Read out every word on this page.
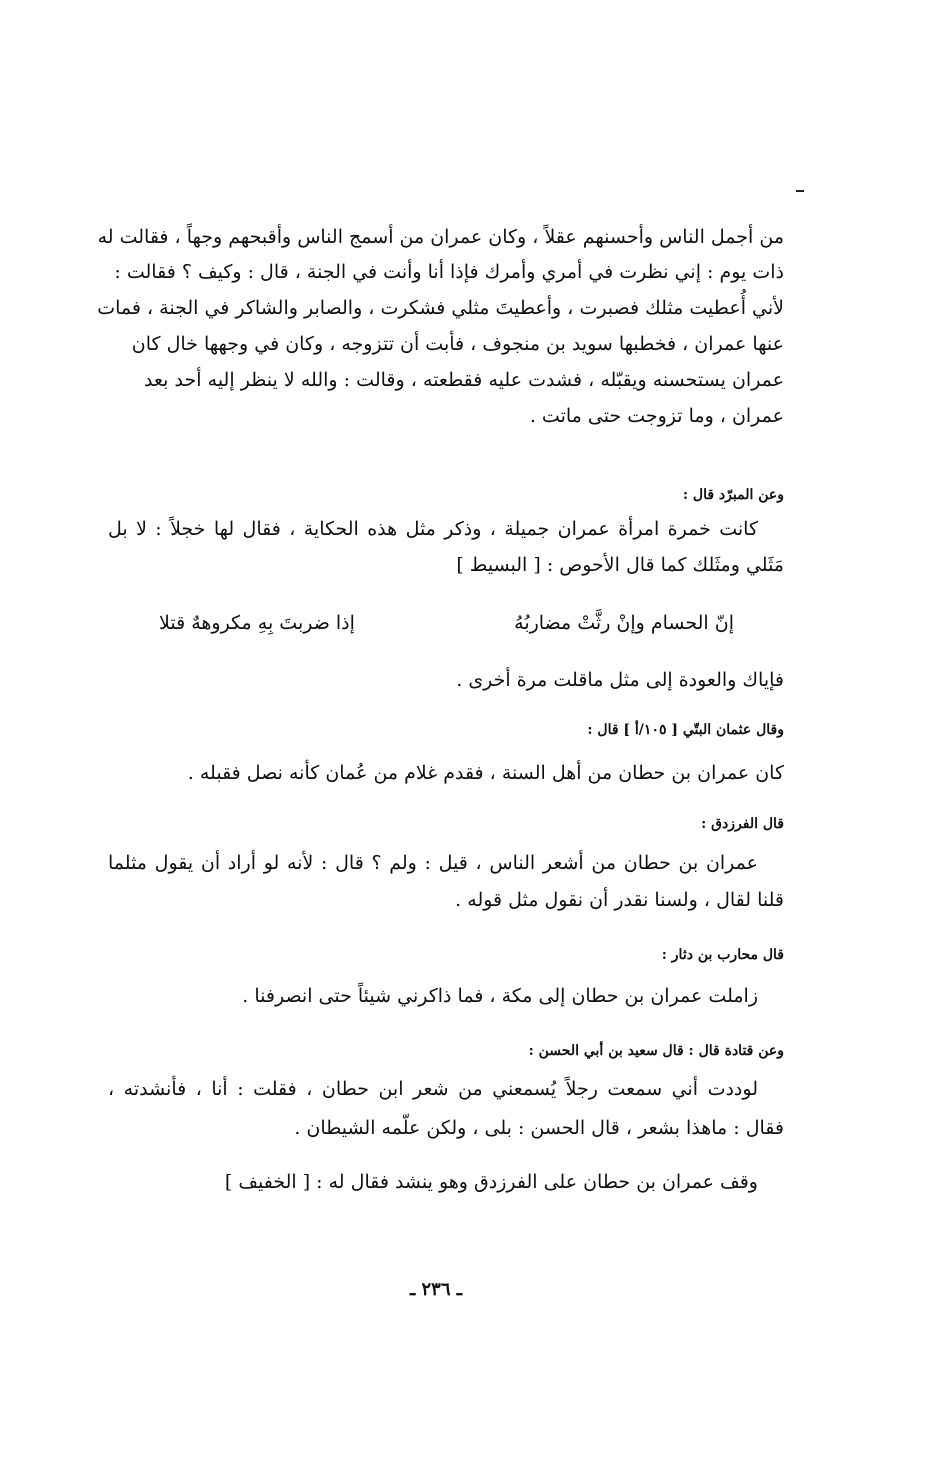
من أجمل الناس وأحسنهم عقلاً ، وكان عمران من أسمج الناس وأقبحهم وجهاً ، فقالت له
ذات يوم : إني نظرت في أمري وأمرك فإذا أنا وأنت في الجنة ، قال : وكيف ؟ فقالت :
لأني أُعطيت مثلك فصبرت ، وأعطيتَ مثلي فشكرت ، والصابر والشاكر في الجنة ، فمات
عنها عمران ، فخطبها سويد بن منجوف ، فأبت أن تتزوجه ، وكان في وجهها خال كان
عمران يستحسنه ويقبّله ، فشدت عليه فقطعته ، وقالت : والله لا ينظر إليه أحد بعد
عمران ، وما تزوجت حتى ماتت .
وعن المبرّد قال :
كانت خمرة امرأة عمران جميلة ، وذكر مثل هذه الحكاية ، فقال لها خجلاً : لا بل
مَثَلي ومثَلك كما قال الأحوص : [ البسيط ]
إنّ الحسام وإنْ رثَّتْ مضاربُهُ
إذا ضربتَ بِهِ مكروههٌ قتلا
فإياك والعودة إلى مثل ماقلت مرة أخرى .
وقال عثمان البتّي [ ١٠٥/أ ] قال :
كان عمران بن حطان من أهل السنة ، فقدم غلام من عُمان كأنه نصل فقبله .
قال الفرزدق :
عمران بن حطان من أشعر الناس ، قيل : ولم ؟ قال : لأنه لو أراد أن يقول مثلما
قلنا لقال ، ولسنا نقدر أن نقول مثل قوله .
قال محارب بن دثار :
زاملت عمران بن حطان إلى مكة ، فما ذاكرني شيئاً حتى انصرفنا .
وعن قتادة قال : قال سعيد بن أبي الحسن :
لوددت أني سمعت رجلاً يُسمعني من شعر ابن حطان ، فقلت : أنا ، فأنشدته ،
فقال : ماهذا بشعر ، قال الحسن : بلى ، ولكن علّمه الشيطان .
وقف عمران بن حطان على الفرزدق وهو ينشد فقال له : [ الخفيف ]
ـ ٢٣٦ ـ
